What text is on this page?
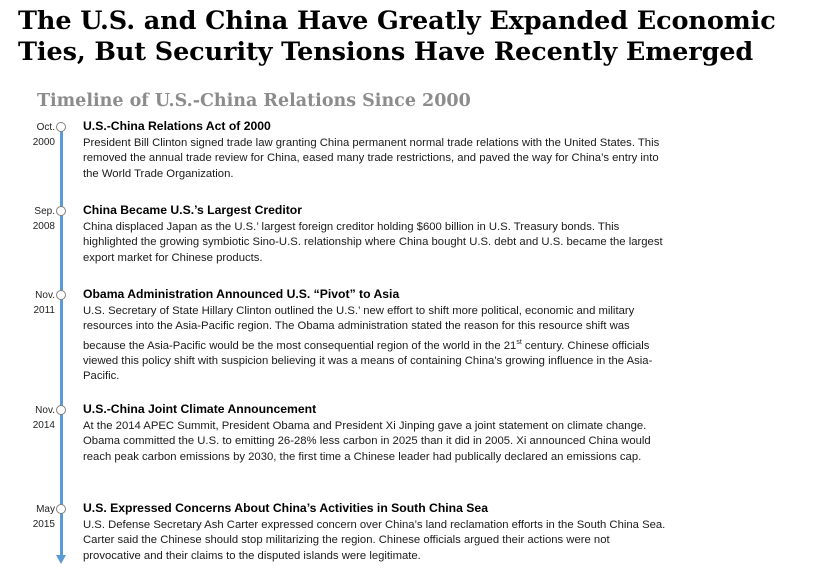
The U.S. and China Have Greatly Expanded Economic Ties, But Security Tensions Have Recently Emerged
Timeline of U.S.-China Relations Since 2000
Oct.
2000
U.S.-China Relations Act of 2000
President Bill Clinton signed trade law granting China permanent normal trade relations with the United States. This removed the annual trade review for China, eased many trade restrictions, and paved the way for China’s entry into the World Trade Organization.
Sep.
2008
China Became U.S.’s Largest Creditor
China displaced Japan as the U.S.’ largest foreign creditor holding $600 billion in U.S. Treasury bonds. This highlighted the growing symbiotic Sino-U.S. relationship where China bought U.S. debt and U.S. became the largest export market for Chinese products.
Nov.
2011
Obama Administration Announced U.S. “Pivot” to Asia
U.S. Secretary of State Hillary Clinton outlined the U.S.’ new effort to shift more political, economic and military resources into the Asia-Pacific region. The Obama administration stated the reason for this resource shift was because the Asia-Pacific would be the most consequential region of the world in the 21st century. Chinese officials viewed this policy shift with suspicion believing it was a means of containing China’s growing influence in the Asia-Pacific.
Nov.
2014
U.S.-China Joint Climate Announcement
At the 2014 APEC Summit, President Obama and President Xi Jinping gave a joint statement on climate change. Obama committed the U.S. to emitting 26-28% less carbon in 2025 than it did in 2005. Xi announced China would reach peak carbon emissions by 2030, the first time a Chinese leader had publically declared an emissions cap.
May
2015
U.S. Expressed Concerns About China’s Activities in South China Sea
U.S. Defense Secretary Ash Carter expressed concern over China’s land reclamation efforts in the South China Sea. Carter said the Chinese should stop militarizing the region. Chinese officials argued their actions were not provocative and their claims to the disputed islands were legitimate.
